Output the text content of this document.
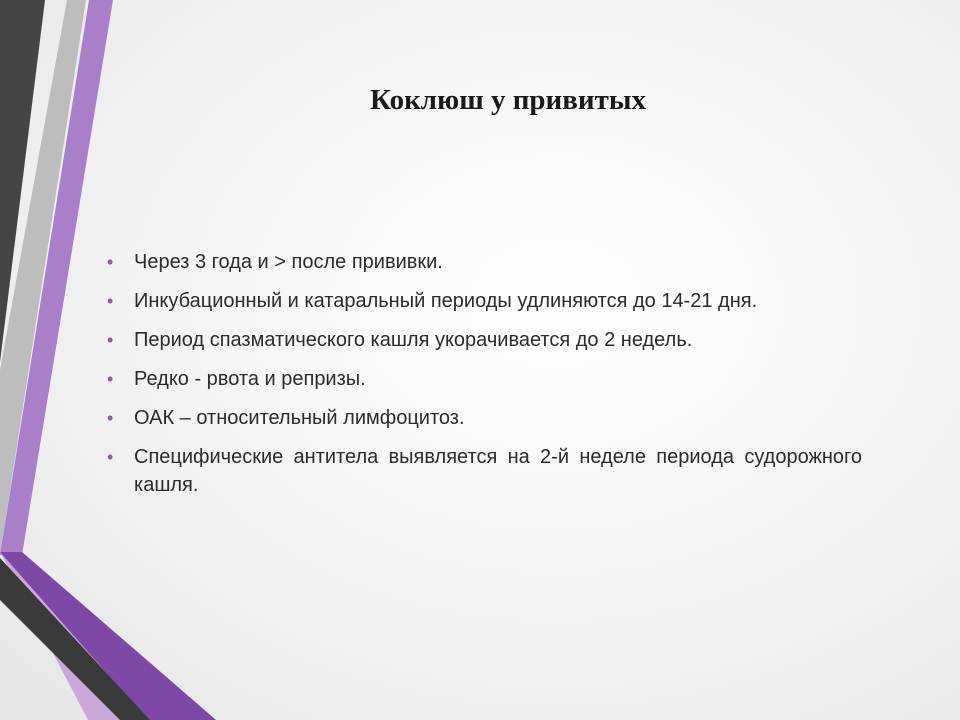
Коклюш у привитых
• Через 3 года и > после прививки.
• Инкубационный и катаральный периоды удлиняются до 14-21 дня.
• Период спазматического кашля укорачивается до 2 недель.
• Редко - рвота и репризы.
• ОАК – относительный лимфоцитоз.
• Специфические антитела выявляется на 2-й неделе периода судорожного кашля.
